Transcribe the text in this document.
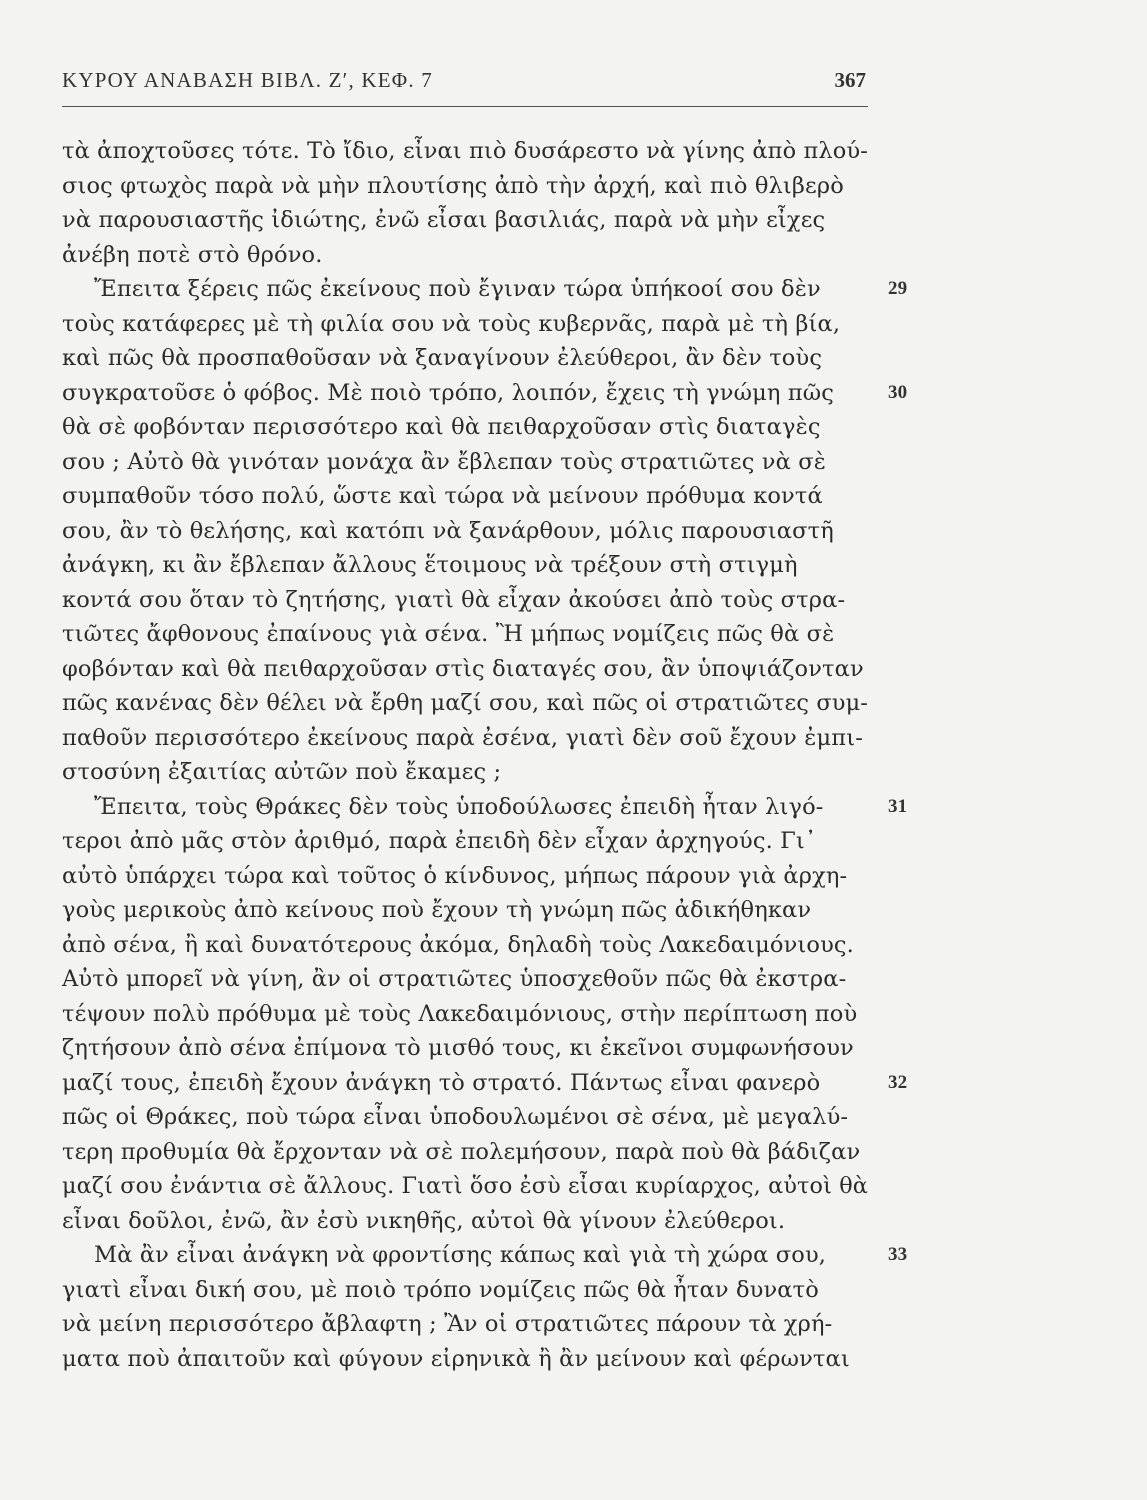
ΚΥΡΟΥ ΑΝΑΒΑΣΗ ΒΙΒΛ. Ζʹ, ΚΕΦ. 7	367
τὰ ἀποχτοῦσες τότε. Τὸ ἴδιο, εἶναι πιὸ δυσάρεστο νὰ γίνης ἀπὸ πλού-
σιος φτωχὸς παρὰ νὰ μὴν πλουτίσης ἀπὸ τὴν ἀρχή, καὶ πιὸ θλιβερὸ
νὰ παρουσιαστῆς ἰδιώτης, ἐνῶ εἶσαι βασιλιάς, παρὰ νὰ μὴν εἶχες
ἀνέβη ποτὲ στὸ θρόνο.
Ἔπειτα ξέρεις πῶς ἐκείνους ποὺ ἔγιναν τώρα ὑπήκοοί σου δὲν	29
τοὺς κατάφερες μὲ τὴ φιλία σου νὰ τοὺς κυβερνᾶς, παρὰ μὲ τὴ βία,
καὶ πῶς θὰ προσπαθοῦσαν νὰ ξαναγίνουν ἐλεύθεροι, ἂν δὲν τοὺς
συγκρατοῦσε ὁ φόβος. Μὲ ποιὸ τρόπο, λοιπόν, ἔχεις τὴ γνώμη πῶς	30
θὰ σὲ φοβόνταν περισσότερο καὶ θὰ πειθαρχοῦσαν στὶς διαταγὲς
σου ; Αὐτὸ θὰ γινόταν μονάχα ἂν ἔβλεπαν τοὺς στρατιῶτες νὰ σὲ
συμπαθοῦν τόσο πολύ, ὥστε καὶ τώρα νὰ μείνουν πρόθυμα κοντά
σου, ἂν τὸ θελήσης, καὶ κατόπι νὰ ξανάρθουν, μόλις παρουσιαστῆ
ἀνάγκη, κι ἂν ἔβλεπαν ἄλλους ἕτοιμους νὰ τρέξουν στὴ στιγμὴ
κοντά σου ὅταν τὸ ζητήσης, γιατὶ θὰ εἶχαν ἀκούσει ἀπὸ τοὺς στρα-
τιῶτες ἄφθονους ἐπαίνους γιὰ σένα. Ἢ μήπως νομίζεις πῶς θὰ σὲ
φοβόνταν καὶ θὰ πειθαρχοῦσαν στὶς διαταγές σου, ἂν ὑποψιάζονταν
πῶς κανένας δὲν θέλει νὰ ἔρθη μαζί σου, καὶ πῶς οἱ στρατιῶτες συμ-
παθοῦν περισσότερο ἐκείνους παρὰ ἐσένα, γιατὶ δὲν σοῦ ἔχουν ἐμπι-
στοσύνη ἐξαιτίας αὐτῶν ποὺ ἔκαμες ;
Ἔπειτα, τοὺς Θράκες δὲν τοὺς ὑποδούλωσες ἐπειδὴ ἦταν λιγό-	31
τεροι ἀπὸ μᾶς στὸν ἀριθμό, παρὰ ἐπειδὴ δὲν εἶχαν ἀρχηγούς. Γι᾽
αὐτὸ ὑπάρχει τώρα καὶ τοῦτος ὁ κίνδυνος, μήπως πάρουν γιὰ ἀρχη-
γοὺς μερικοὺς ἀπὸ κείνους ποὺ ἔχουν τὴ γνώμη πῶς ἀδικήθηκαν
ἀπὸ σένα, ἢ καὶ δυνατότερους ἀκόμα, δηλαδὴ τοὺς Λακεδαιμόνιους.
Αὐτὸ μπορεῖ νὰ γίνη, ἂν οἱ στρατιῶτες ὑποσχεθοῦν πῶς θὰ ἐκστρα-
τέψουν πολὺ πρόθυμα μὲ τοὺς Λακεδαιμόνιους, στὴν περίπτωση ποὺ
ζητήσουν ἀπὸ σένα ἐπίμονα τὸ μισθό τους, κι ἐκεῖνοι συμφωνήσουν
μαζί τους, ἐπειδὴ ἔχουν ἀνάγκη τὸ στρατό. Πάντως εἶναι φανερὸ	32
πῶς οἱ Θράκες, ποὺ τώρα εἶναι ὑποδουλωμένοι σὲ σένα, μὲ μεγαλύ-
τερη προθυμία θὰ ἔρχονταν νὰ σὲ πολεμήσουν, παρὰ ποὺ θὰ βάδιζαν
μαζί σου ἐνάντια σὲ ἄλλους. Γιατὶ ὅσο ἐσὺ εἶσαι κυρίαρχος, αὐτοὶ θὰ
εἶναι δοῦλοι, ἐνῶ, ἂν ἐσὺ νικηθῆς, αὐτοὶ θὰ γίνουν ἐλεύθεροι.
Μὰ ἂν εἶναι ἀνάγκη νὰ φροντίσης κάπως καὶ γιὰ τὴ χώρα σου,	33
γιατὶ εἶναι δική σου, μὲ ποιὸ τρόπο νομίζεις πῶς θὰ ἦταν δυνατὸ
νὰ μείνη περισσότερο ἄβλαφτη ; Ἂν οἱ στρατιῶτες πάρουν τὰ χρή-
ματα ποὺ ἀπαιτοῦν καὶ φύγουν εἰρηνικὰ ἢ ἂν μείνουν καὶ φέρωνται
